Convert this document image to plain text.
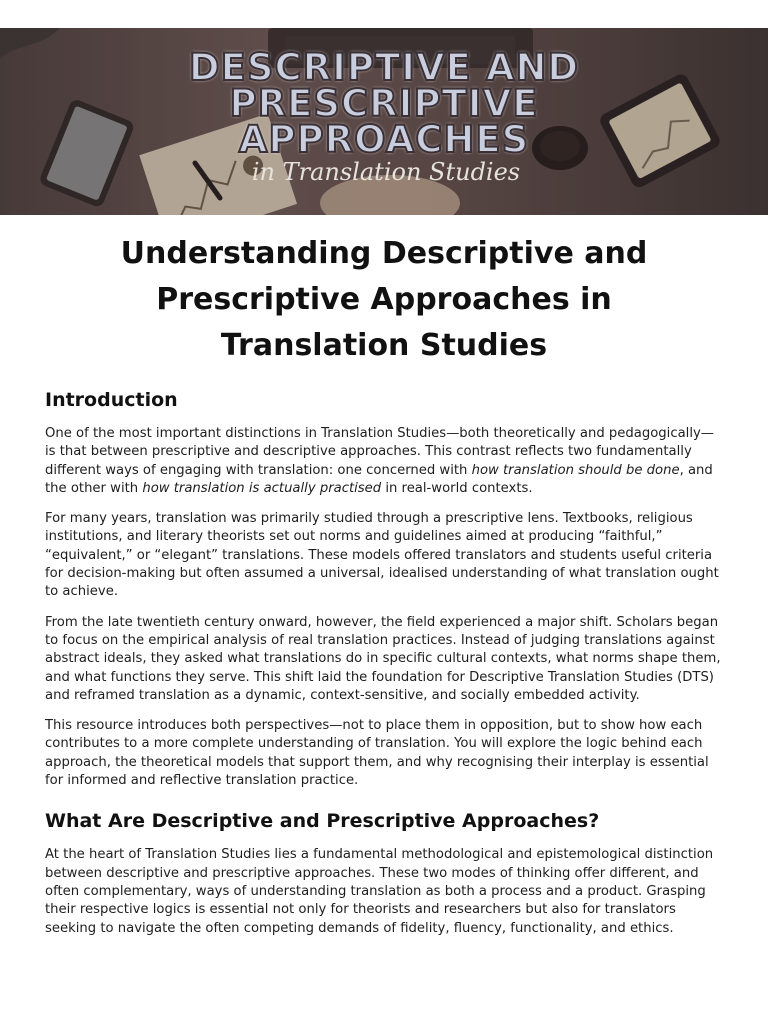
DESCRIPTIVE AND
PRESCRIPTIVE
APPROACHES
in Translation Studies
Understanding Descriptive and
Prescriptive Approaches in
Translation Studies
Introduction

One of the most important distinctions in Translation Studies—both theoretically and pedagogically—is that between prescriptive and descriptive approaches. This contrast reflects two fundamentally different ways of engaging with translation: one concerned with how translation should be done, and the other with how translation is actually practised in real-world contexts.

For many years, translation was primarily studied through a prescriptive lens. Textbooks, religious institutions, and literary theorists set out norms and guidelines aimed at producing “faithful,” “equivalent,” or “elegant” translations. These models offered translators and students useful criteria for decision-making but often assumed a universal, idealised understanding of what translation ought to achieve.

From the late twentieth century onward, however, the field experienced a major shift. Scholars began to focus on the empirical analysis of real translation practices. Instead of judging translations against abstract ideals, they asked what translations do in specific cultural contexts, what norms shape them, and what functions they serve. This shift laid the foundation for Descriptive Translation Studies (DTS) and reframed translation as a dynamic, context-sensitive, and socially embedded activity.

This resource introduces both perspectives—not to place them in opposition, but to show how each contributes to a more complete understanding of translation. You will explore the logic behind each approach, the theoretical models that support them, and why recognising their interplay is essential for informed and reflective translation practice.

What Are Descriptive and Prescriptive Approaches?

At the heart of Translation Studies lies a fundamental methodological and epistemological distinction between descriptive and prescriptive approaches. These two modes of thinking offer different, and often complementary, ways of understanding translation as both a process and a product. Grasping their respective logics is essential not only for theorists and researchers but also for translators seeking to navigate the often competing demands of fidelity, fluency, functionality, and ethics.
